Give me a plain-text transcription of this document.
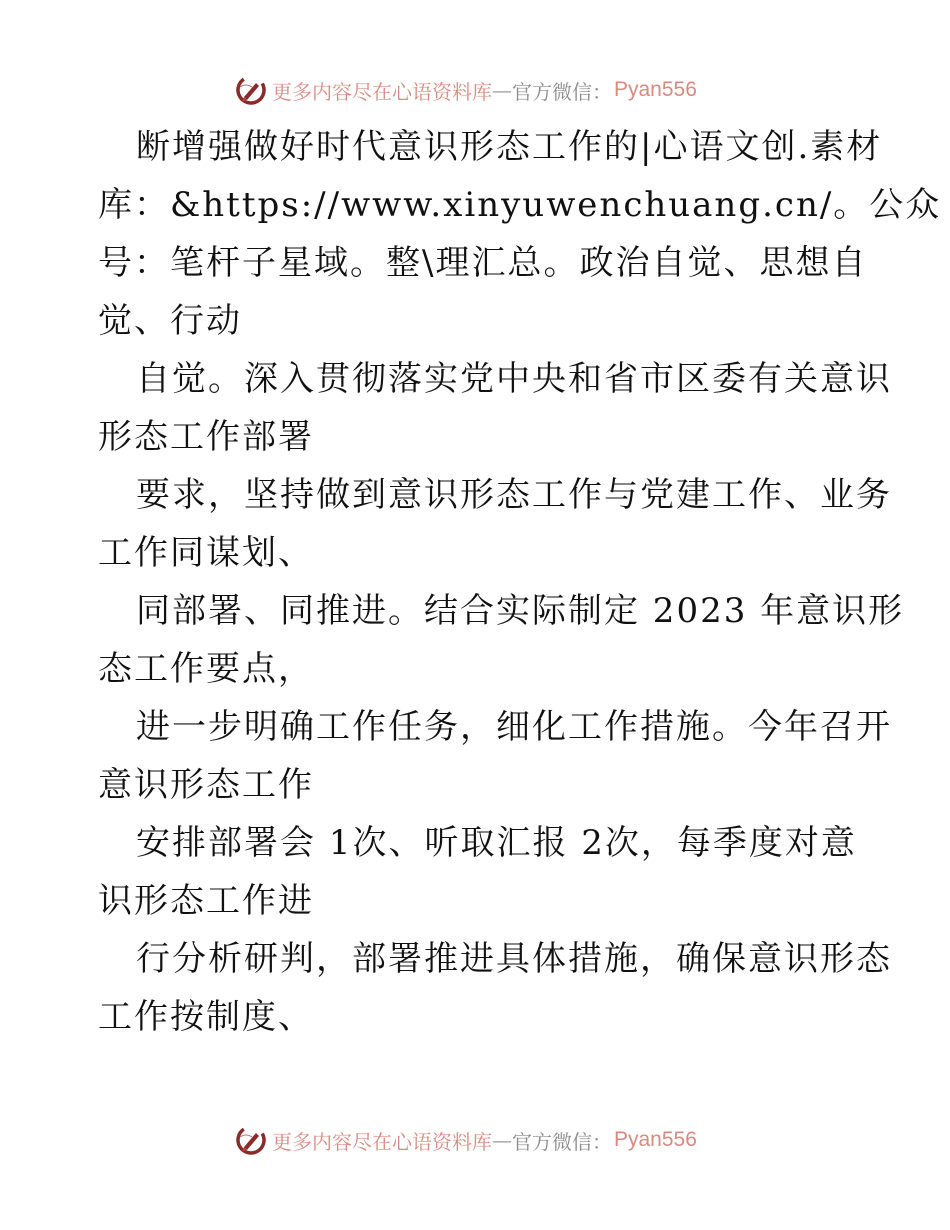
更多内容尽在心语资料库 — 官方微信： Pyan556
断增强做好时代意识形态工作的|心语文创.素材
库：&https://www.xinyuwenchuang.cn/。公众
号：笔杆子星域。整\理汇总。政治自觉、思想自
觉、行动
自觉。深入贯彻落实党中央和省市区委有关意识
形态工作部署
要求，坚持做到意识形态工作与党建工作、业务
工作同谋划、
同部署、同推进。结合实际制定 2023 年意识形
态工作要点，
进一步明确工作任务，细化工作措施。今年召开
意识形态工作
安排部署会 1次、听取汇报 2次，每季度对意
识形态工作进
行分析研判，部署推进具体措施，确保意识形态
工作按制度、
更多内容尽在心语资料库 — 官方微信： Pyan556
